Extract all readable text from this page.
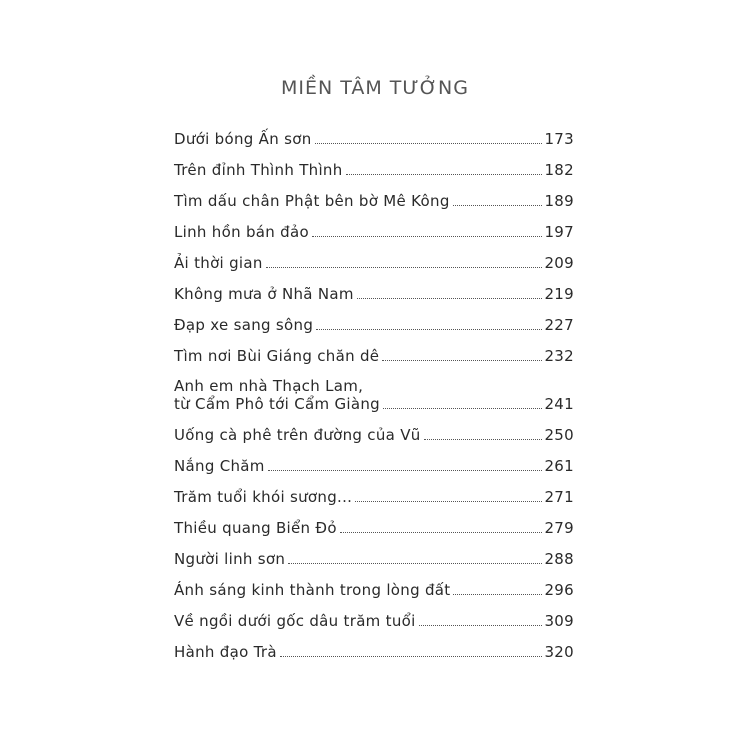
MIỀN TÂM TƯỞNG
Dưới bóng Ấn sơn	173
Trên đỉnh Thình Thình	182
Tìm dấu chân Phật bên bờ Mê Kông	189
Linh hồn bán đảo	197
Ải thời gian	209
Không mưa ở Nhã Nam	219
Đạp xe sang sông	227
Tìm nơi Bùi Giáng chăn dê	232
Anh em nhà Thạch Lam,
từ Cẩm Phô tới Cẩm Giàng	241
Uống cà phê trên đường của Vũ	250
Nắng Chăm	261
Trăm tuổi khói sương...	271
Thiều quang Biển Đỏ	279
Người linh sơn	288
Ánh sáng kinh thành trong lòng đất	296
Về ngồi dưới gốc dâu trăm tuổi	309
Hành đạo Trà	320
